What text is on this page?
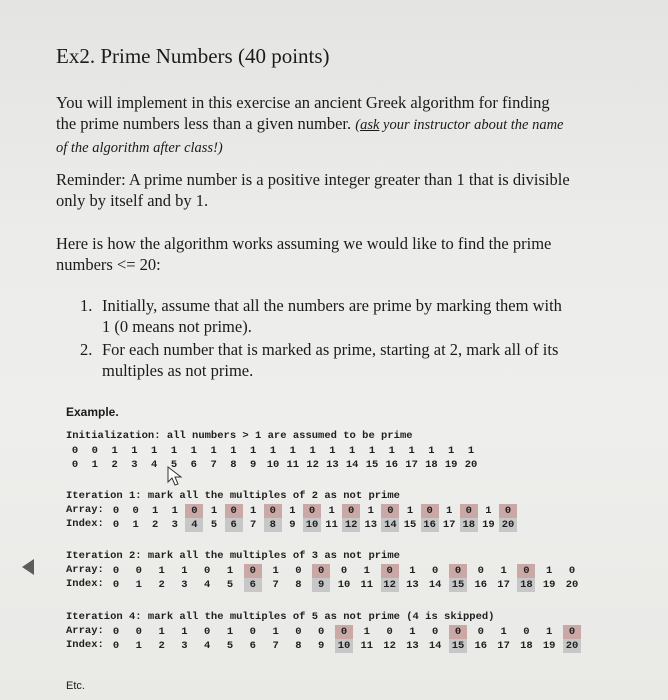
Ex2. Prime Numbers (40 points)
You will implement in this exercise an ancient Greek algorithm for finding
the prime numbers less than a given number. (ask your instructor about the name
of the algorithm after class!)
Reminder: A prime number is a positive integer greater than 1 that is divisible
only by itself and by 1.
Here is how the algorithm works assuming we would like to find the prime
numbers <= 20:
1. Initially, assume that all the numbers are prime by marking them with
1 (0 means not prime).
2. For each number that is marked as prime, starting at 2, mark all of its
multiples as not prime.
Example.
Initialization: all numbers > 1 are assumed to be prime
0	0	1	1	1	1	1	1	1	1	1	1	1	1	1	1	1	1	1	1	1
0	1	2	3	4	5	6	7	8	9 10 11 12 13 14 15 16 17 18 19 20
Iteration 1: mark all the multiples of 2 as not prime
Array: 0	0	1	1	0	1	0	1	0	1	0	1	0	1	0	1	0	1	0	1	0
Index: 0	1	2	3	4	5	6	7	8	9 10 11 12 13 14 15 16 17 18 19 20
Iteration 2: mark all the multiples of 3 as not prime
Array: 0	0	1	1	0	1	0	1	0	0	0	1	0	1	0	0	0	1	0	1	0
Index: 0	1	2	3	4	5	6	7	8	9	10 11 12 13 14 15 16 17 18 19 20
Iteration 4: mark all the multiples of 5 as not prime (4 is skipped)
Array: 0	0	1	1	0	1	0	1	0	0	0	1	0	1	0	0	0	1	0	1	0
Index: 0	1	2	3	4	5	6	7	8	9	10 11 12 13 14 15 16 17 18 19 20
Etc.
